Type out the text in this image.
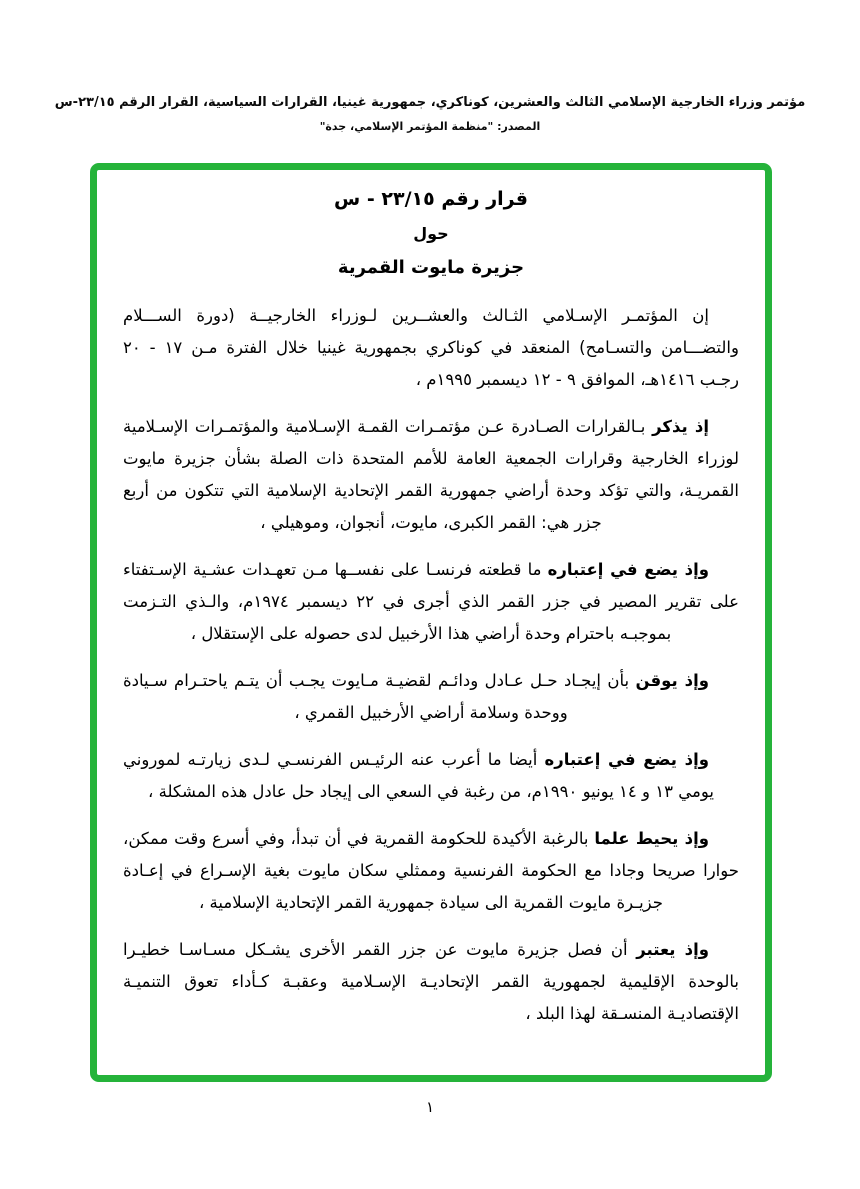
مؤتمر وزراء الخارجية الإسلامي الثالث والعشرين، كوناكري، جمهورية غينيا، القرارات السياسية، القرار الرقم ٢٣/١٥-س
المصدر: "منظمة المؤتمر الإسلامي، جدة"
قرار رقم ٢٣/١٥ - س
حول
جزيرة مايوت القمرية

إن المؤتمـر الإسـلامي الثـالث والعشــرين لـوزراء الخارجيــة (دورة الســـلام والتضـــامن والتسـامح) المنعقد في كوناكري بجمهورية غينيا خلال الفترة مـن ١٧ - ٢٠ رجـب ١٤١٦هـ، الموافق ٩ - ١٢ ديسمبر ١٩٩٥م ،

إذ يذكر بـالقرارات الصـادرة عـن مؤتمـرات القمـة الإسـلامية والمؤتمـرات الإسـلامية لوزراء الخارجية وقرارات الجمعية العامة للأمم المتحدة ذات الصلة بشأن جزيرة مايوت القمريـة، والتي تؤكد وحدة أراضي جمهورية القمر الإتحادية الإسلامية التي تتكون من أربع جزر هي: القمر الكبرى، مايوت، أنجوان، وموهيلي ،

وإذ يضع في إعتباره ما قطعته فرنسـا على نفســها مـن تعهـدات عشـية الإسـتفتاء على تقرير المصير في جزر القمر الذي أجرى في ٢٢ ديسمبر ١٩٧٤م، والـذي التـزمت بموجبـه باحترام وحدة أراضي هذا الأرخبيل لدى حصوله على الإستقلال ،

وإذ يوقن بأن إيجـاد حـل عـادل ودائـم لقضيـة مـايوت يجـب أن يتـم ياحتـرام سـيادة ووحدة وسلامة أراضي الأرخبيل القمري ،

وإذ يضع في إعتباره أيضا ما أعرب عنه الرئيـس الفرنسـي لـدى زيارتـه لموروني يومي ١٣ و ١٤ يونيو ١٩٩٠م، من رغبة في السعي الى إيجاد حل عادل هذه المشكلة ،

وإذ يحيط علما بالرغبة الأكيدة للحكومة القمرية في أن تبدأ، وفي أسرع وقت ممكن، حوارا صريحا وجادا مع الحكومة الفرنسية وممثلي سكان مايوت بغية الإسـراع في إعـادة جزيـرة مايوت القمرية الى سيادة جمهورية القمر الإتحادية الإسلامية ،

وإذ يعتبر أن فصل جزيرة مايوت عن جزر القمر الأخرى يشـكل مسـاسـا خطيـرا بالوحدة الإقليمية لجمهورية القمر الإتحاديـة الإسـلامية وعقبـة كـأداء تعوق التنميـة الإقتصاديـة المنسـقة لهذا البلد ،

١
